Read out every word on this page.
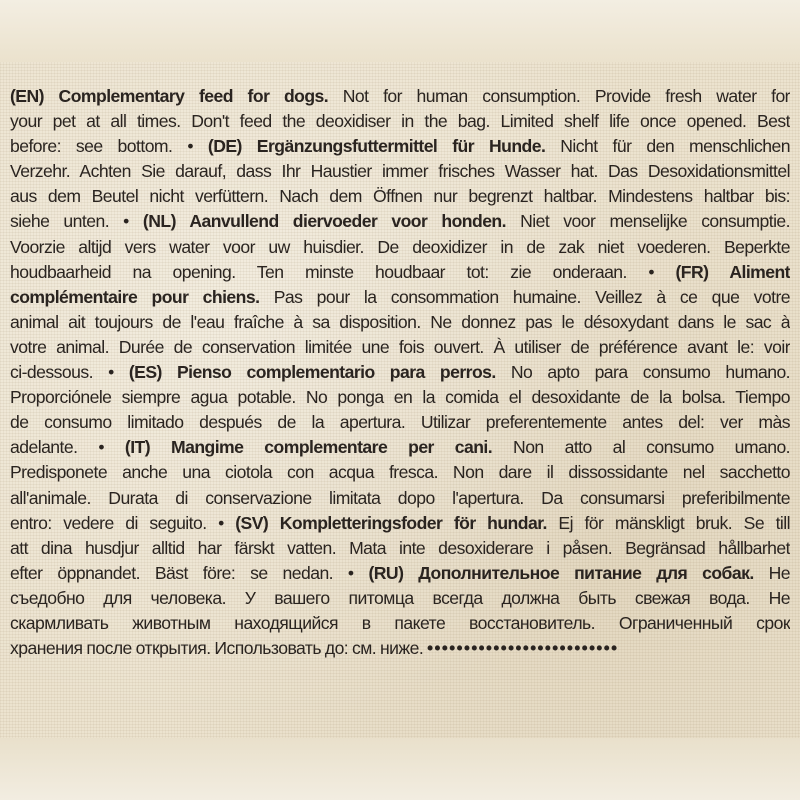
(EN) Complementary feed for dogs. Not for human consumption. Provide fresh water for
your pet at all times. Don't feed the deoxidiser in the bag. Limited shelf life once opened. Best
before: see bottom. • (DE) Ergänzungsfuttermittel für Hunde. Nicht für den menschlichen
Verzehr. Achten Sie darauf, dass Ihr Haustier immer frisches Wasser hat. Das Desoxidationsmittel
aus dem Beutel nicht verfüttern. Nach dem Öffnen nur begrenzt haltbar. Mindestens haltbar bis:
siehe unten. • (NL) Aanvullend diervoeder voor honden. Niet voor menselijke consumptie.
Voorzie altijd vers water voor uw huisdier. De deoxidizer in de zak niet voederen. Beperkte
houdbaarheid na opening. Ten minste houdbaar tot: zie onderaan. • (FR) Aliment
complémentaire pour chiens. Pas pour la consommation humaine. Veillez à ce que votre
animal ait toujours de l'eau fraîche à sa disposition. Ne donnez pas le désoxydant dans le sac à
votre animal. Durée de conservation limitée une fois ouvert. À utiliser de préférence avant le: voir
ci-dessous. • (ES) Pienso complementario para perros. No apto para consumo humano.
Proporciónele siempre agua potable. No ponga en la comida el desoxidante de la bolsa. Tiempo
de consumo limitado después de la apertura. Utilizar preferentemente antes del: ver màs
adelante. • (IT) Mangime complementare per cani. Non atto al consumo umano.
Predisponete anche una ciotola con acqua fresca. Non dare il dissossidante nel sacchetto
all'animale. Durata di conservazione limitata dopo l'apertura. Da consumarsi preferibilmente
entro: vedere di seguito. • (SV) Kompletteringsfoder för hundar. Ej för mänskligt bruk. Se till
att dina husdjur alltid har färskt vatten. Mata inte desoxiderare i påsen. Begränsad hållbarhet
efter öppnandet. Bäst före: se nedan. • (RU) Дополнительное питание для собак. Не
съедобно для человека. У вашего питомца всегда должна быть свежая вода. Не
скармливать животным находящийся в пакете восстановитель. Ограниченный срок
хранения после открытия. Использовать до: см. ниже. ••••••••••••••••••••••••••
